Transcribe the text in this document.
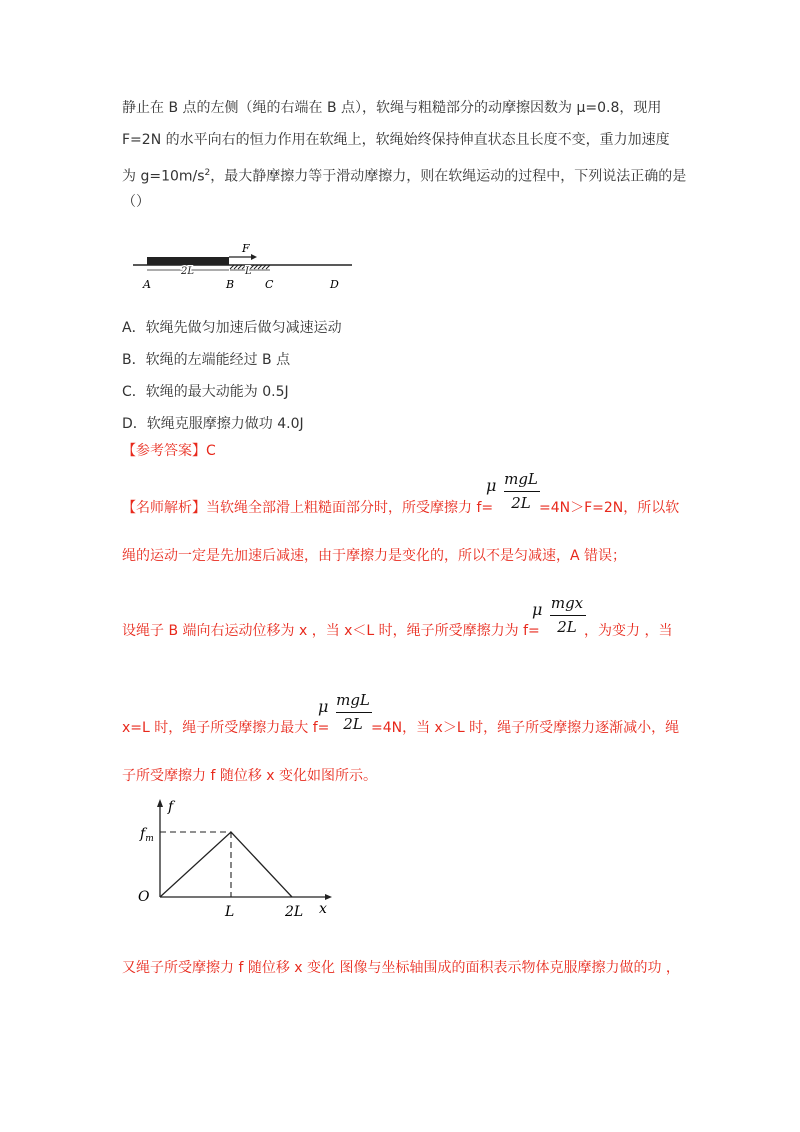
静止在 B 点的左侧（绳的右端在 B 点），软绳与粗糙部分的动摩擦因数为 μ=0.8，现用
F=2N 的水平向右的恒力作用在软绳上，软绳始终保持伸直状态且长度不变，重力加速度
为 $g=10m/s^2$，最大静摩擦力等于滑动摩擦力，则在软绳运动的过程中，下列说法正确的是
（）
F
2L	L
A	B	C	D
A．软绳先做匀加速后做匀减速运动
B．软绳的左端能经过 B 点
C．软绳的最大动能为 0.5J
D．软绳克服摩擦力做功 4.0J
【参考答案】C
【名师解析】当软绳全部滑上粗糙面部分时，所受摩擦力 f=
μ mgL
2L =4N＞F=2N，所以软
绳的运动一定是先加速后减速，由于摩擦力是变化的，所以不是匀减速，A 错误；
设绳子 B 端向右运动位移为 x ，当 x＜L 时，绳子所受摩擦力为 f=
μ mgx
2L ，为变力 ，当
x=L 时，绳子所受摩擦力最大 f=
μ mgL
2L =4N，当 x＞L 时，绳子所受摩擦力逐渐减小，绳
子所受摩擦力 f 随位移 x 变化如图所示。
f
$f_m$
O
L	2L x
又绳子所受摩擦力 f 随位移 x 变化 图像与坐标轴围成的面积表示物体克服摩擦力做的功 ，
